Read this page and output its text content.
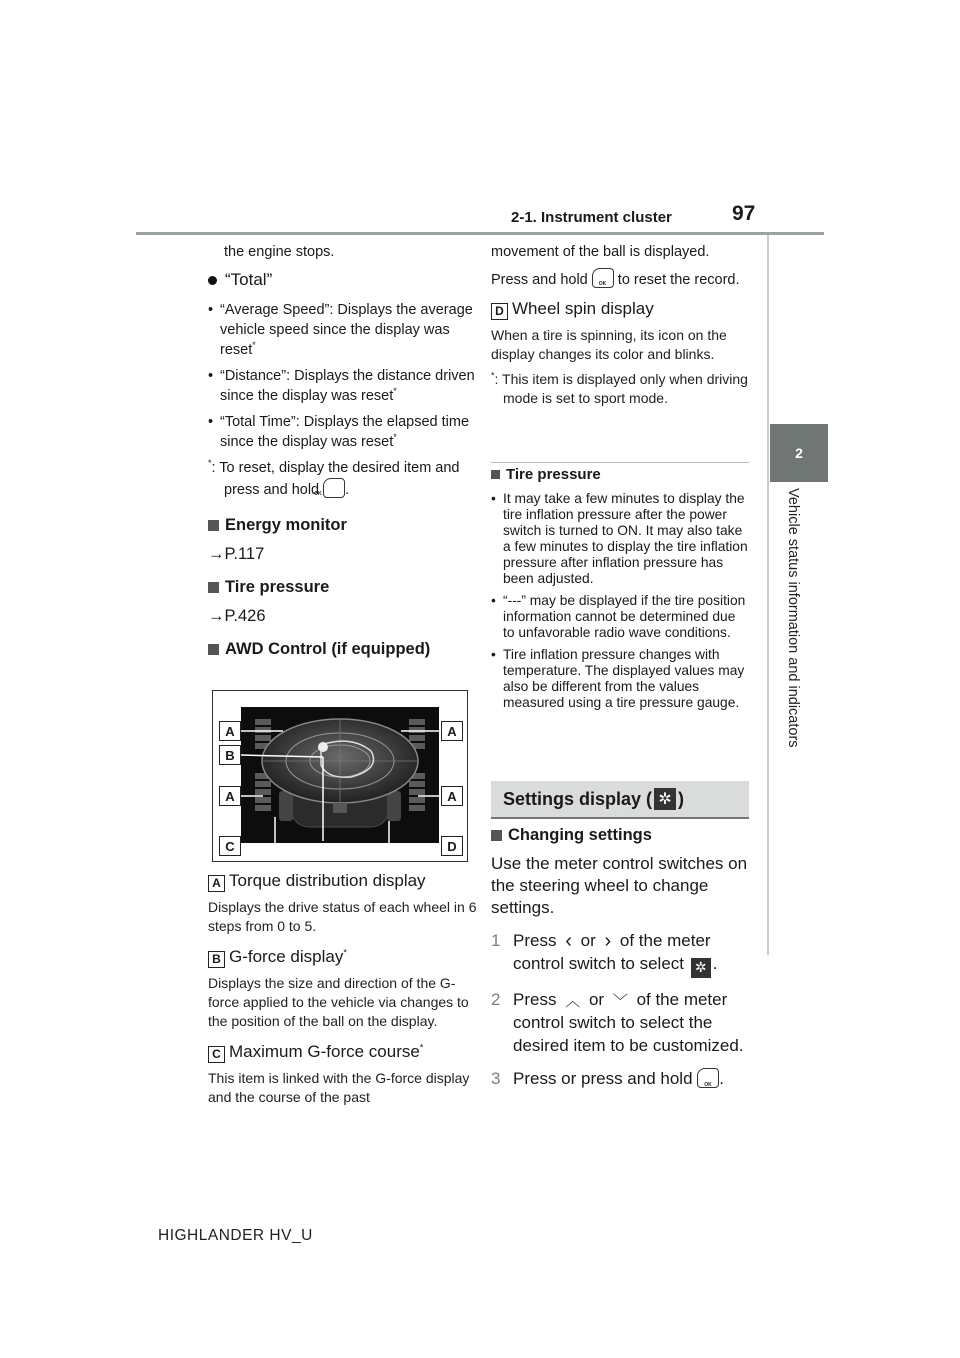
2-1. Instrument cluster	97
2
Vehicle status information and indicators
the engine stops.
“Total”
• “Average Speed”: Displays the average vehicle speed since the display was reset*
• “Distance”: Displays the distance driven since the display was reset*
• “Total Time”: Displays the elapsed time since the display was reset*
*: To reset, display the desired item and press and hold OK .
Energy monitor
→P.117
Tire pressure
→P.426
AWD Control (if equipped)
A
B
A
C
A
A
D
A Torque distribution display
Displays the drive status of each wheel in 6 steps from 0 to 5.
B G-force display*
Displays the size and direction of the G-force applied to the vehicle via changes to the position of the ball on the display.
C Maximum G-force course*
This item is linked with the G-force display and the course of the past
movement of the ball is displayed.
Press and hold OK to reset the record.
D Wheel spin display
When a tire is spinning, its icon on the display changes its color and blinks.
*: This item is displayed only when driving mode is set to sport mode.
Tire pressure
• It may take a few minutes to display the tire inflation pressure after the power switch is turned to ON. It may also take a few minutes to display the tire inflation pressure after inflation pressure has been adjusted.
• “---” may be displayed if the tire position information cannot be determined due to unfavorable radio wave conditions.
• Tire inflation pressure changes with temperature. The displayed values may also be different from the values measured using a tire pressure gauge.
Settings display ( ✲ )
Changing settings
Use the meter control switches on the steering wheel to change settings.
1 Press ‹ or › of the meter control switch to select ✲ .
2 Press ︿ or ﹀ of the meter control switch to select the desired item to be customized.
3 Press or press and hold OK .
HIGHLANDER HV_U
